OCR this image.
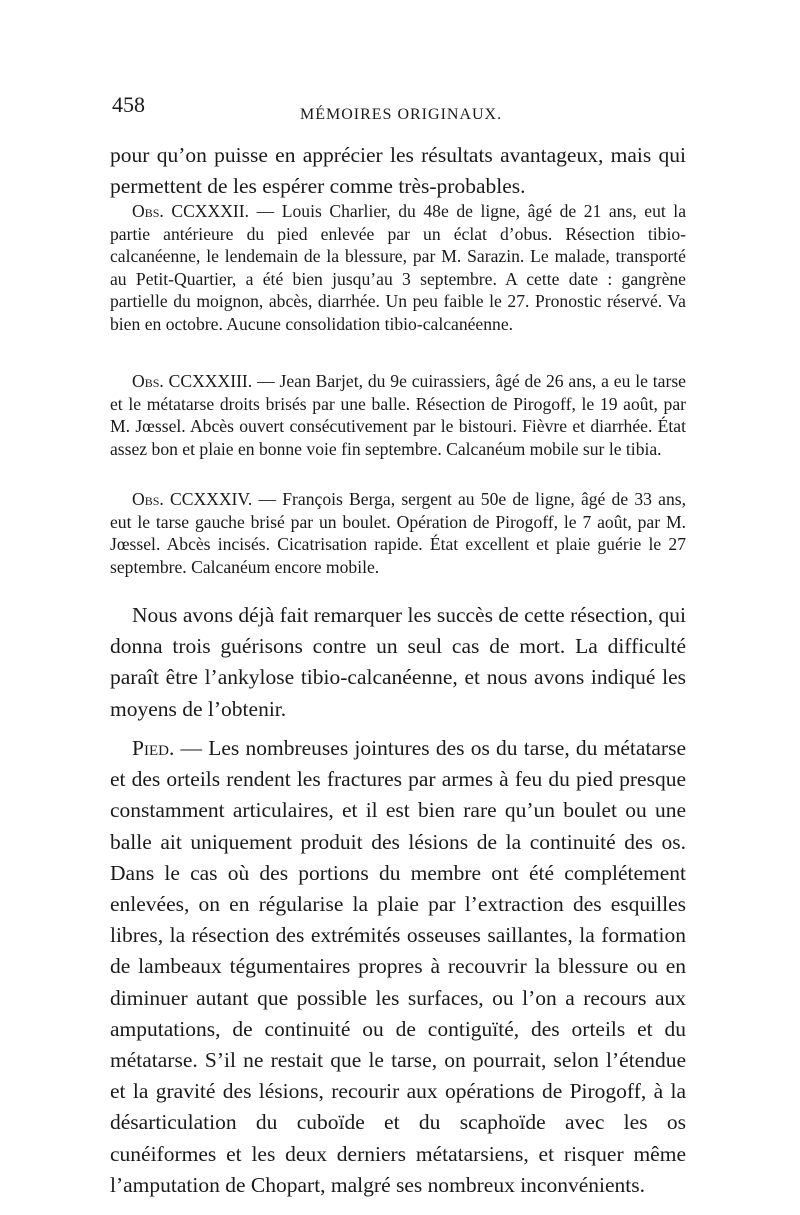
458	MÉMOIRES ORIGINAUX.

pour qu’on puisse en apprécier les résultats avantageux, mais qui permettent de les espérer comme très-probables.

Obs. CCXXXII. — Louis Charlier, du 48e de ligne, âgé de 21 ans, eut la partie antérieure du pied enlevée par un éclat d’obus. Résection tibio-calcanéenne, le lendemain de la blessure, par M. Sarazin. Le malade, transporté au Petit-Quartier, a été bien jusqu’au 3 septembre. A cette date : gangrène partielle du moignon, abcès, diarrhée. Un peu faible le 27. Pronostic réservé. Va bien en octobre. Aucune consolidation tibio-calcanéenne.

Obs. CCXXXIII. — Jean Barjet, du 9e cuirassiers, âgé de 26 ans, a eu le tarse et le métatarse droits brisés par une balle. Résection de Pirogoff, le 19 août, par M. Jœssel. Abcès ouvert consécutivement par le bistouri. Fièvre et diarrhée. État assez bon et plaie en bonne voie fin septembre. Calcanéum mobile sur le tibia.

Obs. CCXXXIV. — François Berga, sergent au 50e de ligne, âgé de 33 ans, eut le tarse gauche brisé par un boulet. Opération de Pirogoff, le 7 août, par M. Jœssel. Abcès incisés. Cicatrisation rapide. État excellent et plaie guérie le 27 septembre. Calcanéum encore mobile.

Nous avons déjà fait remarquer les succès de cette résection, qui donna trois guérisons contre un seul cas de mort. La difficulté paraît être l’ankylose tibio-calcanéenne, et nous avons indiqué les moyens de l’obtenir.

Pied. — Les nombreuses jointures des os du tarse, du métatarse et des orteils rendent les fractures par armes à feu du pied presque constamment articulaires, et il est bien rare qu’un boulet ou une balle ait uniquement produit des lésions de la continuité des os. Dans le cas où des portions du membre ont été complétement enlevées, on en régularise la plaie par l’extraction des esquilles libres, la résection des extrémités osseuses saillantes, la formation de lambeaux tégumentaires propres à recouvrir la blessure ou en diminuer autant que possible les surfaces, ou l’on a recours aux amputations, de continuité ou de contiguïté, des orteils et du métatarse. S’il ne restait que le tarse, on pourrait, selon l’étendue et la gravité des lésions, recourir aux opérations de Pirogoff, à la désarticulation du cuboïde et du scaphoïde avec les os cunéiformes et les deux derniers métatarsiens, et risquer même l’amputation de Chopart, malgré ses nombreux inconvénients.
